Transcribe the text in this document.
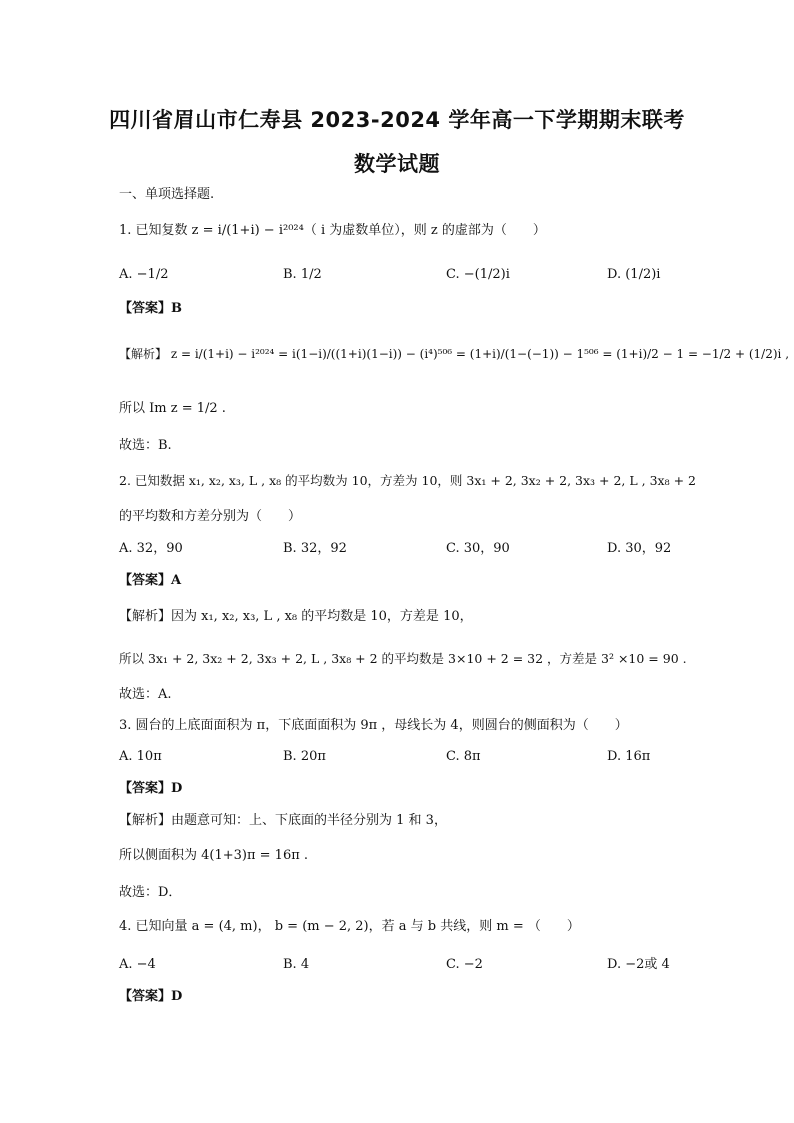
四川省眉山市仁寿县 2023-2024 学年高一下学期期末联考
数学试题
一、单项选择题.
1. 已知复数 z = i/(1+i) − i²⁰²⁴（ i 为虚数单位），则 z 的虚部为（　　）
A. −1/2	B. 1/2	C. −(1/2)i	D. (1/2)i
【答案】B
【解析】 z = i/(1+i) − i²⁰²⁴ = i(1−i)/((1+i)(1−i)) − (i⁴)⁵⁰⁶ = (1+i)/(1−(−1)) − 1⁵⁰⁶ = (1+i)/2 − 1 = −1/2 + (1/2)i ,
所以 Im z = 1/2 .
故选：B.
2. 已知数据 x₁, x₂, x₃, L , x₈ 的平均数为 10，方差为 10，则 3x₁ + 2, 3x₂ + 2, 3x₃ + 2, L , 3x₈ + 2
的平均数和方差分别为（　　）
A. 32，90	B. 32，92	C. 30，90	D. 30，92
【答案】A
【解析】因为 x₁, x₂, x₃, L , x₈ 的平均数是 10，方差是 10，
所以 3x₁ + 2, 3x₂ + 2, 3x₃ + 2, L , 3x₈ + 2 的平均数是 3×10 + 2 = 32 ，方差是 3² ×10 = 90 .
故选：A.
3. 圆台的上底面面积为 π，下底面面积为 9π ，母线长为 4，则圆台的侧面积为（　　）
A. 10π	B. 20π	C. 8π	D. 16π
【答案】D
【解析】由题意可知：上、下底面的半径分别为 1 和 3，
所以侧面积为 4(1+3)π = 16π .
故选：D．
4. 已知向量 a = (4, m)， b = (m − 2, 2)，若 a 与 b 共线，则 m = （　　）
A. −4	B. 4	C. −2	D. −2或 4
【答案】D
